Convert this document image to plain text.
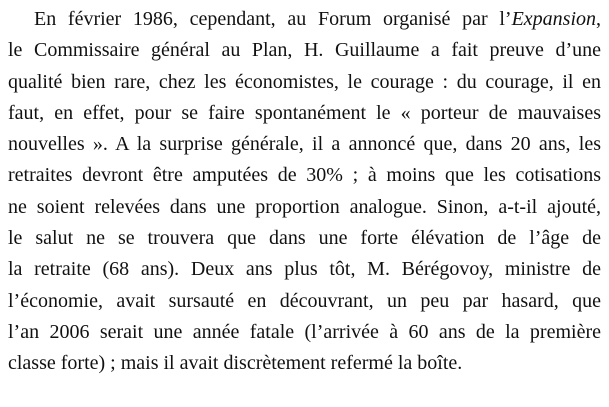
En février 1986, cependant, au Forum organisé par l’Expansion,
le Commissaire général au Plan, H. Guillaume a fait preuve d’une
qualité bien rare, chez les économistes, le courage : du courage, il en
faut, en effet, pour se faire spontanément le « porteur de mauvaises
nouvelles ». A la surprise générale, il a annoncé que, dans 20 ans, les
retraites devront être amputées de 30% ; à moins que les cotisations
ne soient relevées dans une proportion analogue. Sinon, a-t-il ajouté,
le salut ne se trouvera que dans une forte élévation de l’âge de
la retraite (68 ans). Deux ans plus tôt, M. Bérégovoy, ministre de
l’économie, avait sursauté en découvrant, un peu par hasard, que
l’an 2006 serait une année fatale (l’arrivée à 60 ans de la première
classe forte) ; mais il avait discrètement refermé la boîte.
